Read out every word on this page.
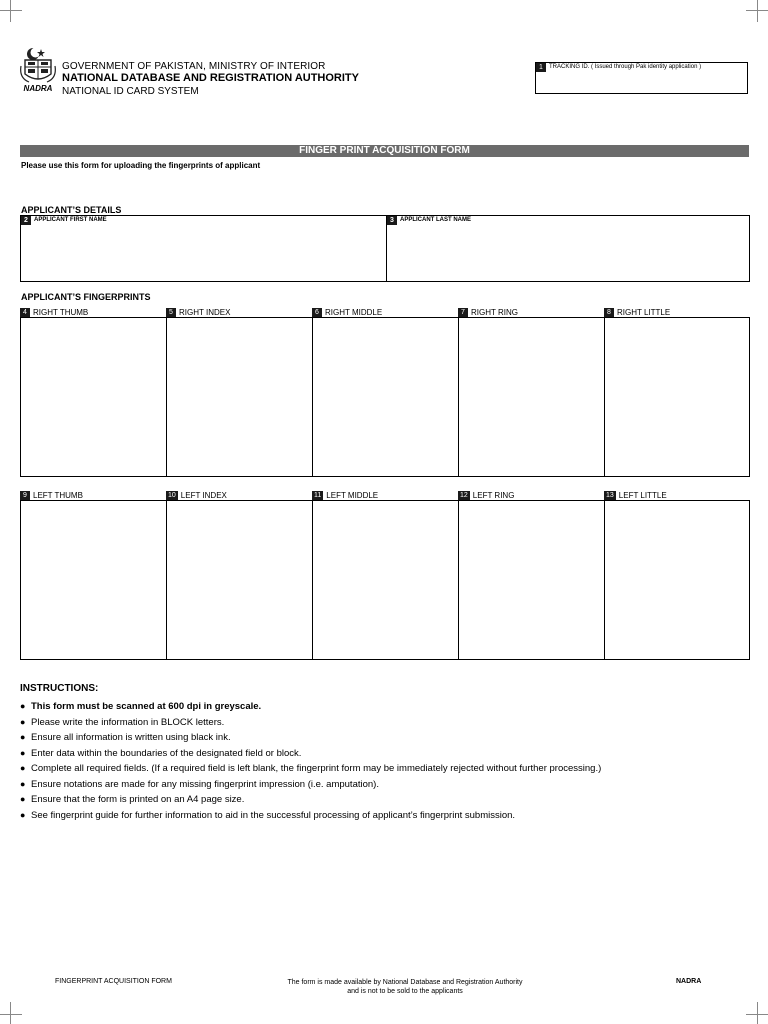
NADRA
GOVERNMENT OF PAKISTAN, MINISTRY OF INTERIOR
NATIONAL DATABASE AND REGISTRATION AUTHORITY
NATIONAL ID CARD SYSTEM
1 TRACKING ID. ( Issued through Pak identity application )
FINGER PRINT ACQUISITION FORM
Please use this form for uploading the fingerprints of applicant
APPLICANT’S DETAILS
2 APPLICANT FIRST NAME	3 APPLICANT LAST NAME
APPLICANT’S FINGERPRINTS
4 RIGHT THUMB	5 RIGHT INDEX	6 RIGHT MIDDLE	7 RIGHT RING	8 RIGHT LITTLE
9 LEFT THUMB	10 LEFT INDEX	11 LEFT MIDDLE	12 LEFT RING	13 LEFT LITTLE
INSTRUCTIONS:
● This form must be scanned at 600 dpi in greyscale.
● Please write the information in BLOCK letters.
● Ensure all information is written using black ink.
● Enter data within the boundaries of the designated field or block.
● Complete all required fields. (If a required field is left blank, the fingerprint form may be immediately rejected without further processing.)
● Ensure notations are made for any missing fingerprint impression (i.e. amputation).
● Ensure that the form is printed on an A4 page size.
● See fingerprint guide for further information to aid in the successful processing of applicant’s fingerprint submission.
FINGERPRINT ACQUISITION FORM	The form is made available by National Database and Registration Authority
and is not to be sold to the applicants
NADRA
